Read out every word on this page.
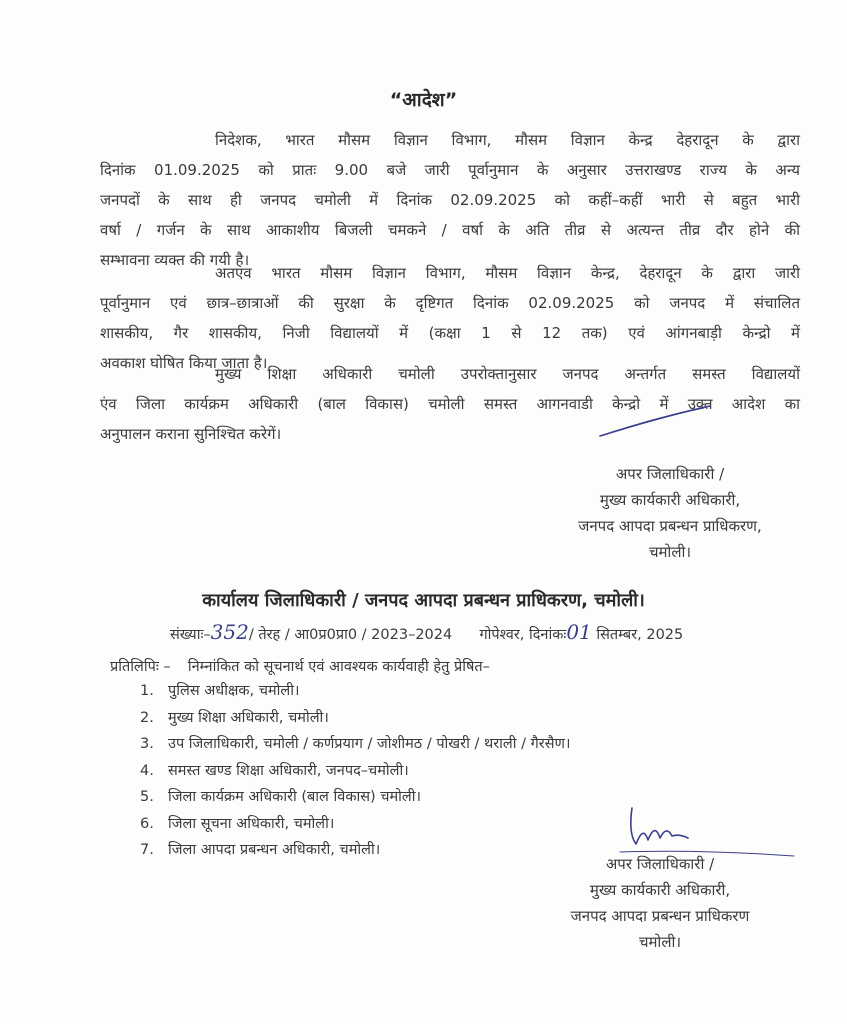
“आदेश”
निदेशक, भारत मौसम विज्ञान विभाग, मौसम विज्ञान केन्द्र देहरादून के द्वारा
दिनांक 01.09.2025 को प्रातः 9.00 बजे जारी पूर्वानुमान के अनुसार उत्तराखण्ड राज्य के अन्य
जनपदों के साथ ही जनपद चमोली में दिनांक 02.09.2025 को कहीं–कहीं भारी से बहुत भारी
वर्षा / गर्जन के साथ आकाशीय बिजली चमकने / वर्षा के अति तीव्र से अत्यन्त तीव्र दौर होने की
सम्भावना व्यक्त की गयी है।
अतएव भारत मौसम विज्ञान विभाग, मौसम विज्ञान केन्द्र, देहरादून के द्वारा जारी
पूर्वानुमान एवं छात्र–छात्राओं की सुरक्षा के दृष्टिगत दिनांक 02.09.2025 को जनपद में संचालित
शासकीय, गैर शासकीय, निजी विद्यालयों में (कक्षा 1 से 12 तक) एवं आंगनबाड़ी केन्द्रो में
अवकाश घोषित किया जाता है।
मुख्य शिक्षा अधिकारी चमोली उपरोक्तानुसार जनपद अन्तर्गत समस्त विद्यालयों
एंव जिला कार्यक्रम अधिकारी (बाल विकास) चमोली समस्त आगनवाडी केन्द्रो में उक्त आदेश का
अनुपालन कराना सुनिश्चित करेगें।
अपर जिलाधिकारी /
मुख्य कार्यकारी अधिकारी,
जनपद आपदा प्रबन्धन प्राधिकरण,
चमोली।
कार्यालय जिलाधिकारी / जनपद आपदा प्रबन्धन प्राधिकरण, चमोली।
संख्याः–352/ तेरह / आ0प्र0प्रा0 / 2023–2024 गोपेश्वर, दिनांकः01 सितम्बर, 2025
प्रतिलिपिः – निम्नांकित को सूचनार्थ एवं आवश्यक कार्यवाही हेतु प्रेषित–
1. पुलिस अधीक्षक, चमोली।
2. मुख्य शिक्षा अधिकारी, चमोली।
3. उप जिलाधिकारी, चमोली / कर्णप्रयाग / जोशीमठ / पोखरी / थराली / गैरसैण।
4. समस्त खण्ड शिक्षा अधिकारी, जनपद–चमोली।
5. जिला कार्यक्रम अधिकारी (बाल विकास) चमोली।
6. जिला सूचना अधिकारी, चमोली।
7. जिला आपदा प्रबन्धन अधिकारी, चमोली।
अपर जिलाधिकारी /
मुख्य कार्यकारी अधिकारी,
जनपद आपदा प्रबन्धन प्राधिकरण
चमोली।
